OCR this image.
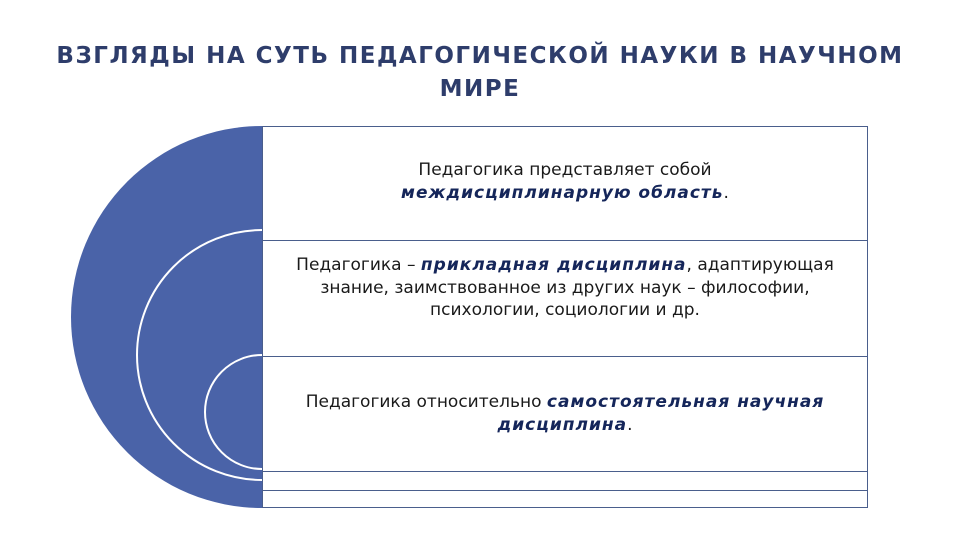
ВЗГЛЯДЫ НА СУТЬ ПЕДАГОГИЧЕСКОЙ НАУКИ В НАУЧНОМ МИРЕ
Педагогика представляет собой
междисциплинарную область.
Педагогика – прикладная дисциплина, адаптирующая знание, заимствованное из других наук – философии, психологии, социологии и др.
Педагогика относительно самостоятельная научная дисциплина.
